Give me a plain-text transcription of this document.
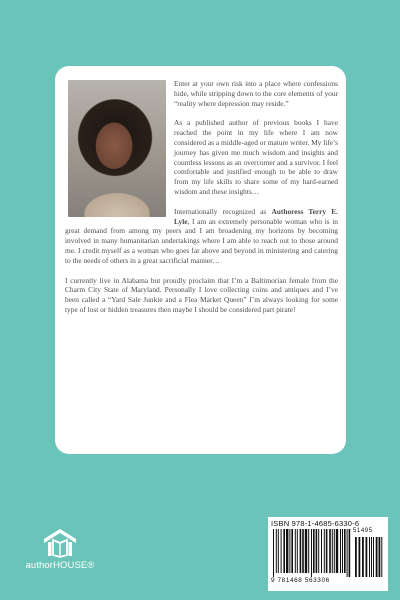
Enter at your own risk into a place where confessions hide, while stripping down to the core elements of your “reality where depression may reside.”

As a published author of previous books I have reached the point in my life where I am now considered as a middle-aged or mature writer. My life’s journey has given me much wisdom and insights and countless lessons as an overcomer and a survivor. I feel comfortable and justified enough to be able to draw from my life skills to share some of my hard-earned wisdom and these insights…

Internationally recognized as Authoress Terry E. Lyle, I am an extremely personable woman who is in great demand from among my peers and I am broadening my horizons by becoming involved in many humanitarian undertakings where I am able to reach out to those around me. I credit myself as a woman who goes far above and beyond in ministering and catering to the needs of others in a great sacrificial manner…

I currently live in Alabama but proudly proclaim that I’m a Baltimorian female from the Charm City State of Maryland. Personally I love collecting coins and antiques and I’ve been called a “Yard Sale Junkie and a Flea Market Queen” I’m always looking for some type of lost or hidden treasures then maybe I should be considered part pirate!

ISBN 978-1-4685-6330-6
51495
9 781468 563306
authorHOUSE®
